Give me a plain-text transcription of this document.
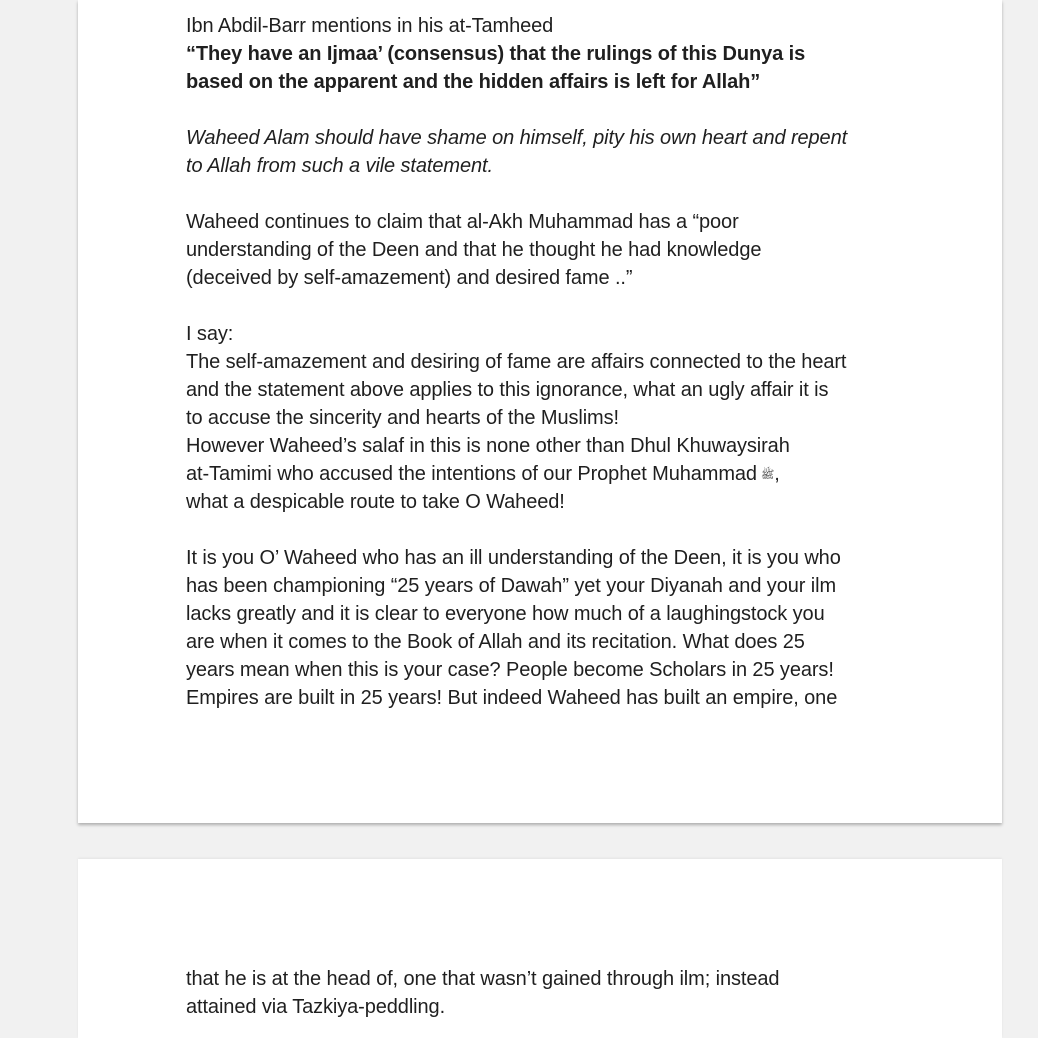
Ibn Abdil-Barr mentions in his at-Tamheed
“They have an Ijmaa’ (consensus) that the rulings of this Dunya is
based on the apparent and the hidden affairs is left for Allah”
Waheed Alam should have shame on himself, pity his own heart and repent
to Allah from such a vile statement.
Waheed continues to claim that al-Akh Muhammad has a “poor
understanding of the Deen and that he thought he had knowledge
(deceived by self-amazement) and desired fame ..”
I say:
The self-amazement and desiring of fame are affairs connected to the heart
and the statement above applies to this ignorance, what an ugly affair it is
to accuse the sincerity and hearts of the Muslims!
However Waheed’s salaf in this is none other than Dhul Khuwaysirah
at-Tamimi who accused the intentions of our Prophet Muhammad ﷺ,
what a despicable route to take O Waheed!
It is you O’ Waheed who has an ill understanding of the Deen, it is you who
has been championing “25 years of Dawah” yet your Diyanah and your ilm
lacks greatly and it is clear to everyone how much of a laughingstock you
are when it comes to the Book of Allah and its recitation. What does 25
years mean when this is your case? People become Scholars in 25 years!
Empires are built in 25 years! But indeed Waheed has built an empire, one
that he is at the head of, one that wasn’t gained through ilm; instead
attained via Tazkiya-peddling.
